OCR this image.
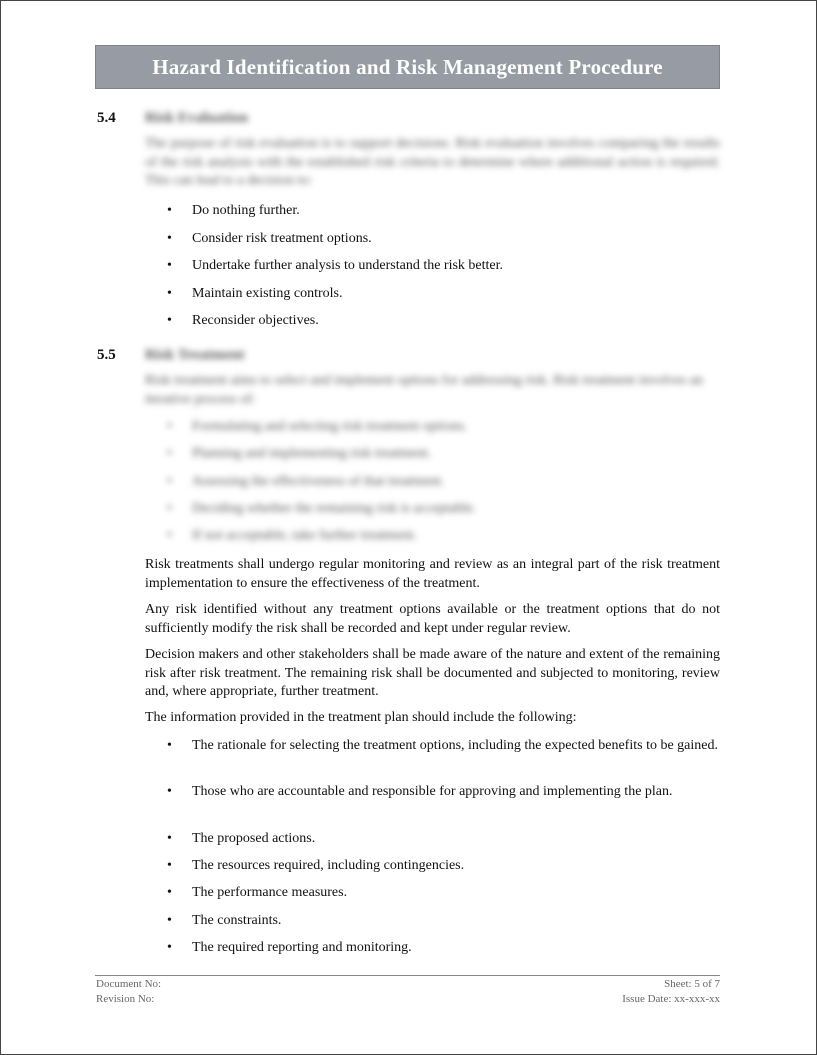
Hazard Identification and Risk Management Procedure
5.4 Risk Evaluation
The purpose of risk evaluation is to support decisions. Risk evaluation involves comparing the results of the risk analysis with the established risk criteria to determine where additional action is required. This can lead to a decision to:
• Do nothing further.
• Consider risk treatment options.
• Undertake further analysis to understand the risk better.
• Maintain existing controls.
• Reconsider objectives.
5.5 Risk Treatment
Risk treatment aims to select and implement options for addressing risk. Risk treatment involves an iterative process of:
• Formulating and selecting risk treatment options.
• Planning and implementing risk treatment.
• Assessing the effectiveness of that treatment.
• Deciding whether the remaining risk is acceptable.
• If not acceptable, take further treatment.

Risk treatments shall undergo regular monitoring and review as an integral part of the risk treatment implementation to ensure the effectiveness of the treatment.

Any risk identified without any treatment options available or the treatment options that do not sufficiently modify the risk shall be recorded and kept under regular review.

Decision makers and other stakeholders shall be made aware of the nature and extent of the remaining risk after risk treatment. The remaining risk shall be documented and subjected to monitoring, review and, where appropriate, further treatment.

The information provided in the treatment plan should include the following:

• The rationale for selecting the treatment options, including the expected benefits to be gained.
• Those who are accountable and responsible for approving and implementing the plan.
• The proposed actions.
• The resources required, including contingencies.
• The performance measures.
• The constraints.
• The required reporting and monitoring.
Document No:
Revision No:
Sheet: 5 of 7
Issue Date: xx-xxx-xx
